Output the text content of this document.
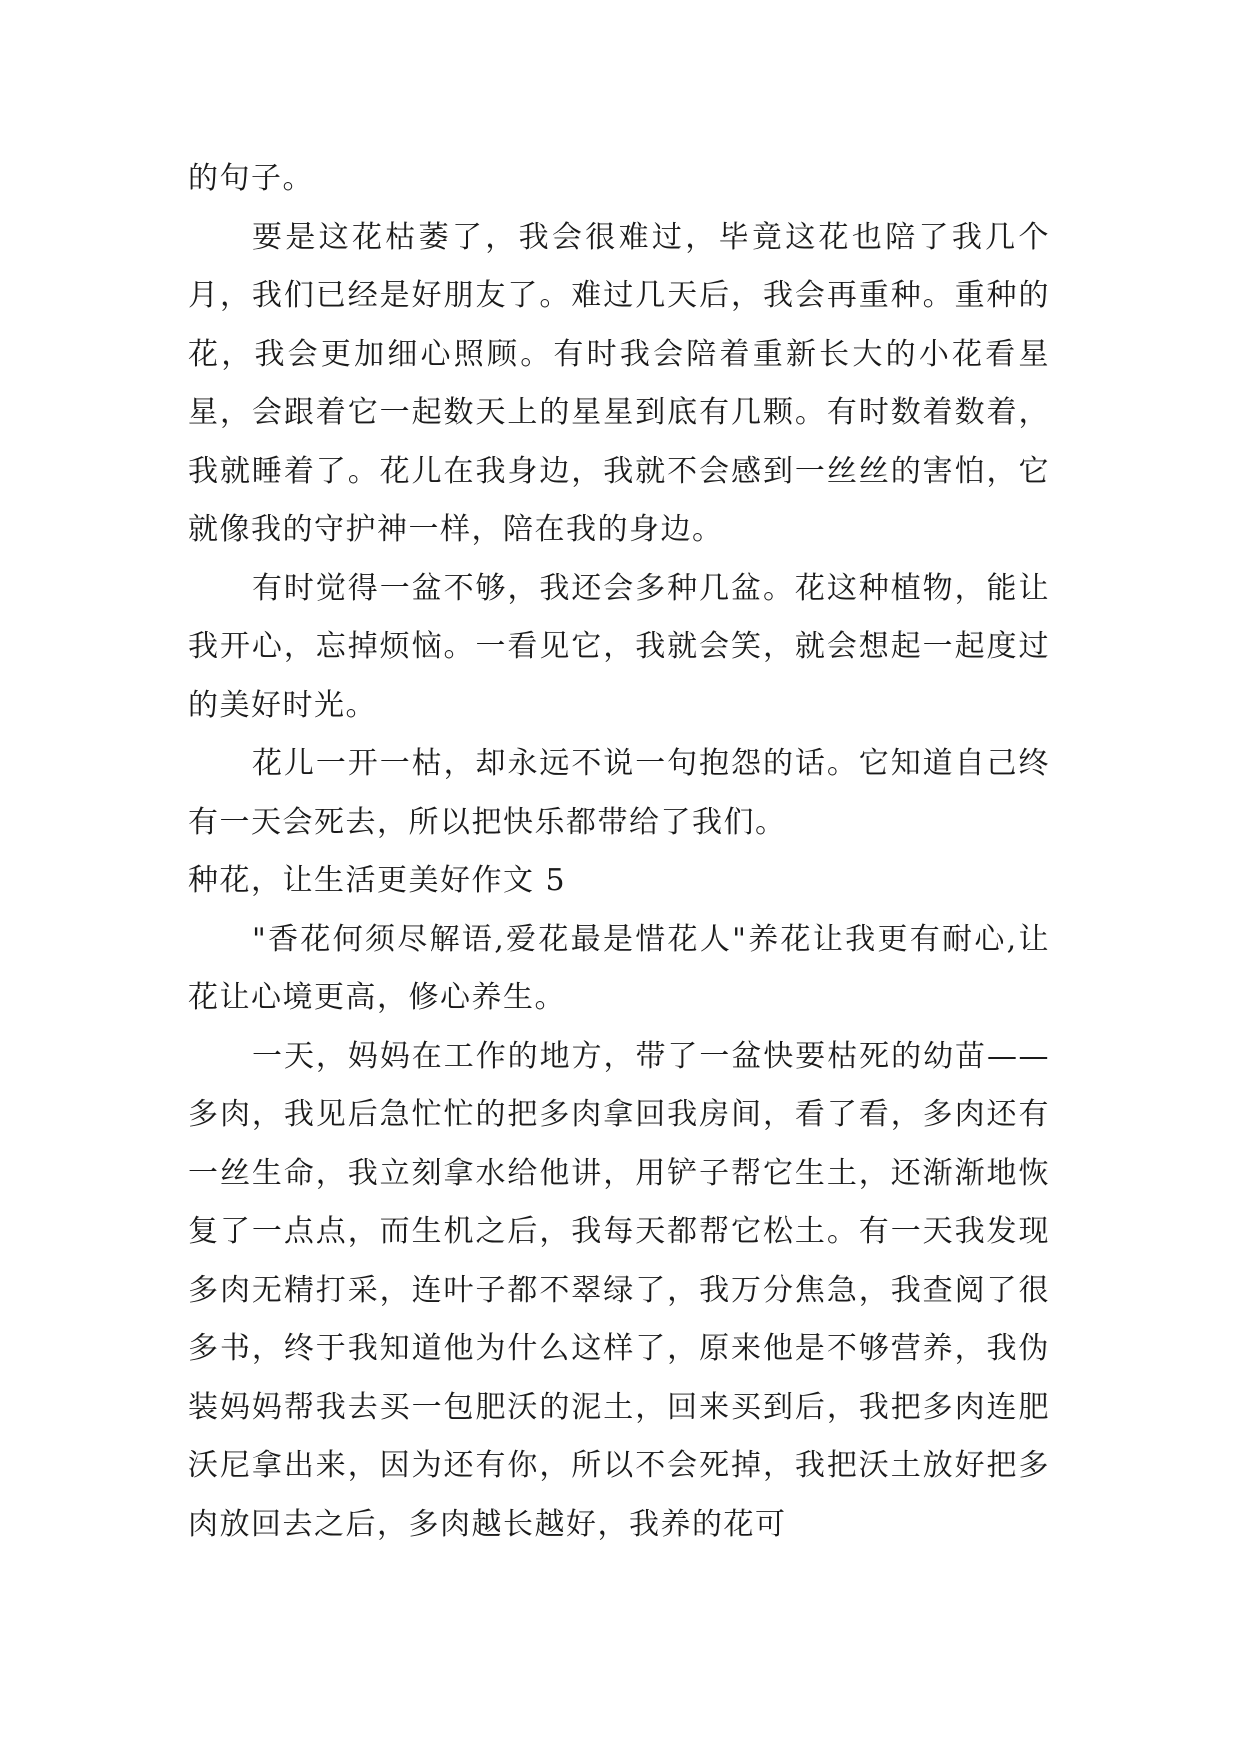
的句子。

要是这花枯萎了，我会很难过，毕竟这花也陪了我几个月，我们已经是好朋友了。难过几天后，我会再重种。重种的花，我会更加细心照顾。有时我会陪着重新长大的小花看星星，会跟着它一起数天上的星星到底有几颗。有时数着数着，我就睡着了。花儿在我身边，我就不会感到一丝丝的害怕，它就像我的守护神一样，陪在我的身边。

有时觉得一盆不够，我还会多种几盆。花这种植物，能让我开心，忘掉烦恼。一看见它，我就会笑，就会想起一起度过的美好时光。

花儿一开一枯，却永远不说一句抱怨的话。它知道自己终有一天会死去，所以把快乐都带给了我们。

种花，让生活更美好作文 5

"香花何须尽解语,爱花最是惜花人"养花让我更有耐心,让花让心境更高，修心养生。

一天，妈妈在工作的地方，带了一盆快要枯死的幼苗——多肉，我见后急忙忙的把多肉拿回我房间，看了看，多肉还有一丝生命，我立刻拿水给他讲，用铲子帮它生土，还渐渐地恢复了一点点，而生机之后，我每天都帮它松土。有一天我发现多肉无精打采，连叶子都不翠绿了，我万分焦急，我查阅了很多书，终于我知道他为什么这样了，原来他是不够营养，我伪装妈妈帮我去买一包肥沃的泥土，回来买到后，我把多肉连肥沃尼拿出来，因为还有你，所以不会死掉，我把沃土放好把多肉放回去之后，多肉越长越好，我养的花可
